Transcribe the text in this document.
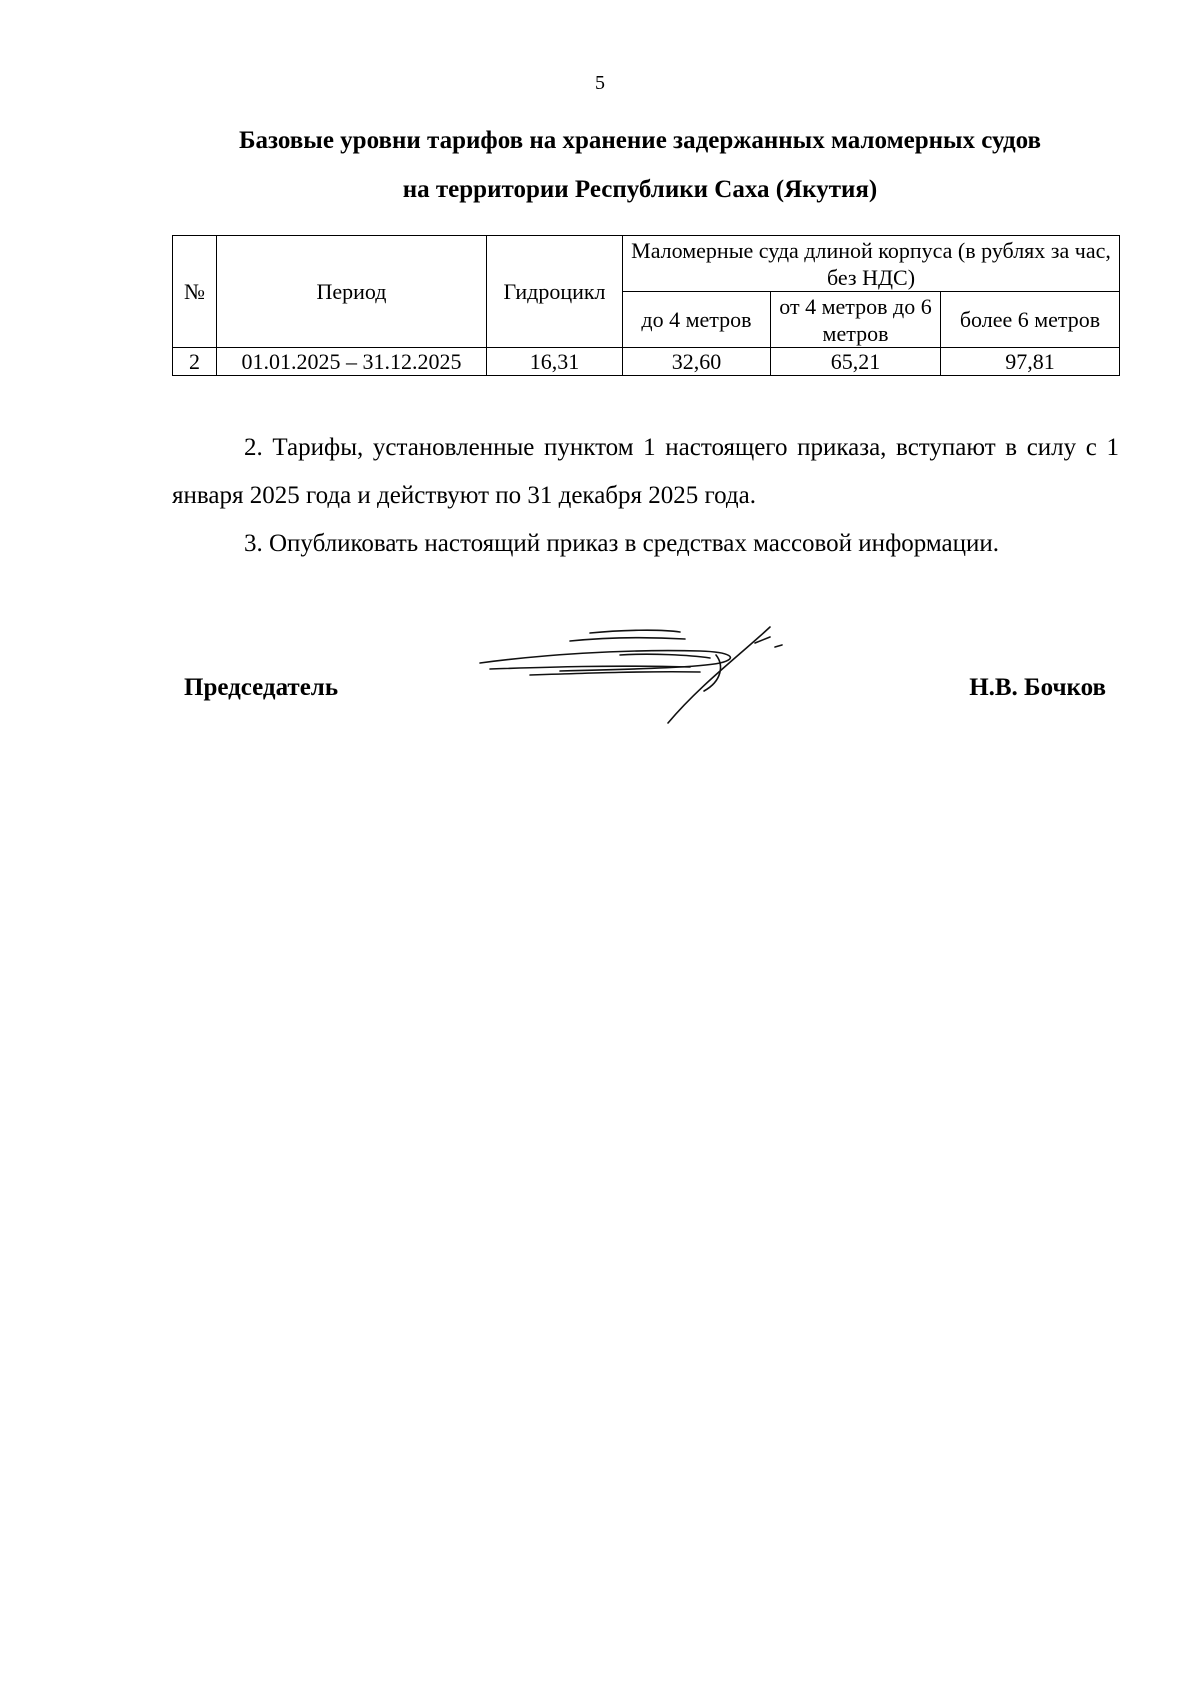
5
Базовые уровни тарифов на хранение задержанных маломерных судов
на территории Республики Саха (Якутия)
№	Период	Гидроцикл	Маломерные суда длиной корпуса (в рублях за час, без НДС)		
			до 4 метров	от 4 метров до 6 метров	более 6 метров
2	01.01.2025 – 31.12.2025	16,31	32,60	65,21	97,81

2. Тарифы, установленные пунктом 1 настоящего приказа, вступают в силу с 1 января 2025 года и действуют по 31 декабря 2025 года.

3. Опубликовать настоящий приказ в средствах массовой информации.

Председатель	Н.В. Бочков
